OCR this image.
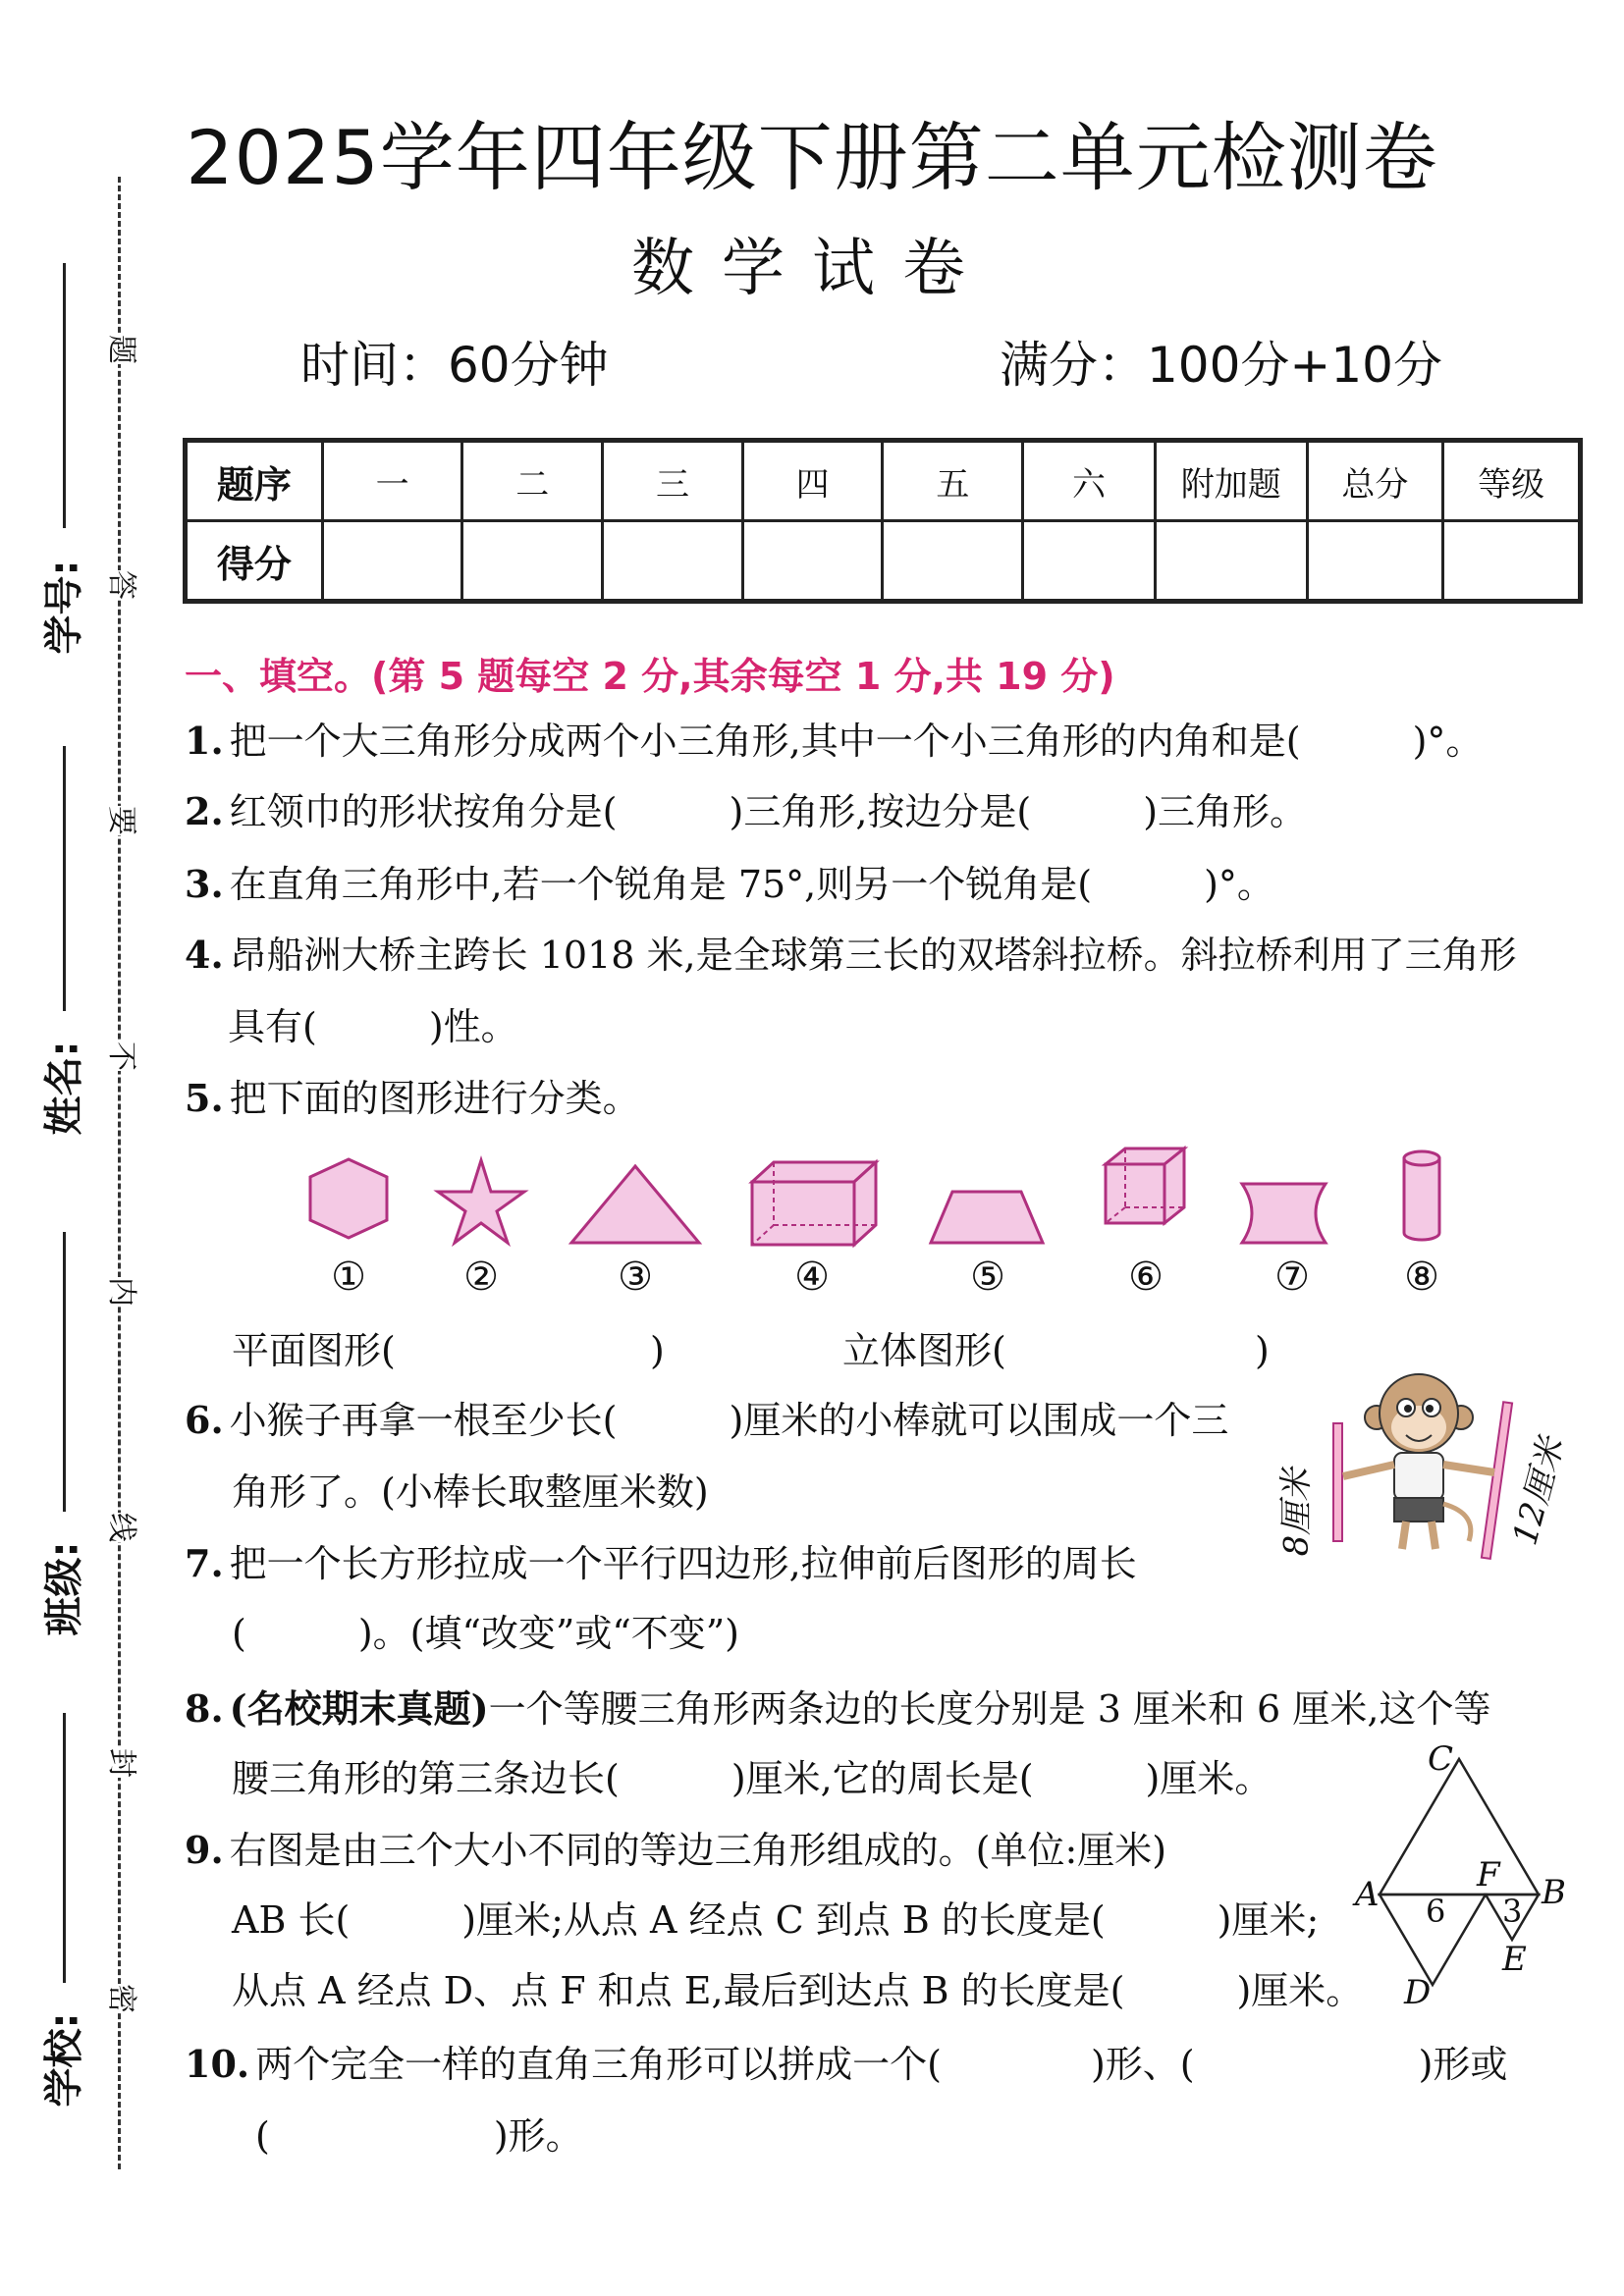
题
答
要
不
内
线
封
密
学号:
姓名:
班级:
学校:
2025学年四年级下册第二单元检测卷
数学试卷
时间：60分钟	满分：100分+10分
题序	一	二	三	四	五	六	附加题	总分	等级
得分									
一、填空。(第 5 题每空 2 分,其余每空 1 分,共 19 分)
1. 把一个大三角形分成两个小三角形,其中一个小三角形的内角和是(　　　)°。
2. 红领巾的形状按角分是(　　　)三角形,按边分是(　　　)三角形。
3. 在直角三角形中,若一个锐角是 75°,则另一个锐角是(　　　)°。
4. 昂船洲大桥主跨长 1018 米,是全球第三长的双塔斜拉桥。斜拉桥利用了三角形
具有(　　　)性。
5. 把下面的图形进行分类。
①	②	③	④	⑤	⑥	⑦	⑧
平面图形(	)	立体图形(	)
6. 小猴子再拿一根至少长(　　　)厘米的小棒就可以围成一个三
角形了。(小棒长取整厘米数)	8厘米	12厘米
7. 把一个长方形拉成一个平行四边形,拉伸前后图形的周长
(　　　)。(填“改变”或“不变”)
8. (名校期末真题)一个等腰三角形两条边的长度分别是 3 厘米和 6 厘米,这个等
腰三角形的第三条边长(　　　)厘米,它的周长是(　　　)厘米。
9. 右图是由三个大小不同的等边三角形组成的。(单位:厘米)
AB 长(　　　)厘米;从点 A 经点 C 到点 B 的长度是(　　　)厘米;
从点 A 经点 D、点 F 和点 E,最后到达点 B 的长度是(　　　)厘米。
C
A	B
D
E
F
6 3
10. 两个完全一样的直角三角形可以拼成一个(　　　　)形、(　　　　　　)形或
(　　　　　　)形。
